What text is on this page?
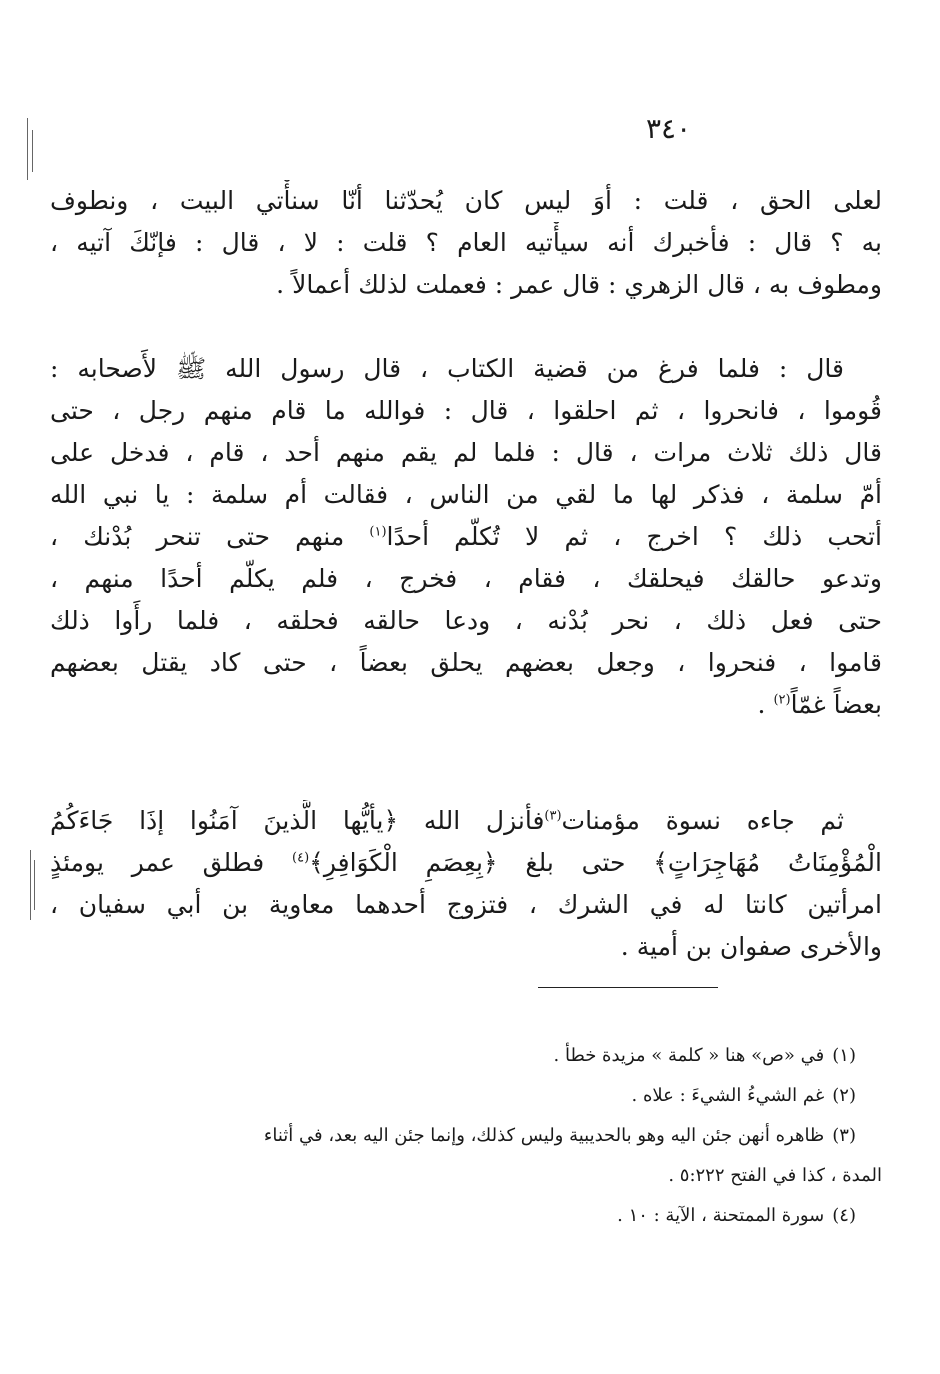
٣٤٠
لعلى الحق ، قلت : أوَ ليس كان يُحدّثنا أنّا سنأْتي البيت ، ونطوف
به ؟ قال : فأخبرك أنه سيأْتيه العام ؟ قلت : لا ، قال : فإنّكَ آتيه ،
ومطوف به ، قال الزهري : قال عمر : فعملت لذلك أعمالاً .
قال : فلما فرغ من قضية الكتاب ، قال رسول الله ﷺ لأَصحابه :
قُوموا ، فانحروا ، ثم احلقوا ، قال : فوالله ما قام منهم رجل ، حتى
قال ذلك ثلاث مرات ، قال : فلما لم يقم منهم أحد ، قام ، فدخل على
أمّ سلمة ، فذكر لها ما لقي من الناس ، فقالت أم سلمة : يا نبي الله
أتحب ذلك ؟ اخرج ، ثم لا تُكلّم أحدًا$^{(١)}$ منهم حتى تنحر بُدْنك ،
وتدعو حالقك فيحلقك ، فقام ، فخرج ، فلم يكلّم أحدًا منهم ،
حتى فعل ذلك ، نحر بُدْنه ، ودعا حالقه فحلقه ، فلما رأَوا ذلك
قاموا ، فنحروا ، وجعل بعضهم يحلق بعضاً ، حتى كاد يقتل بعضهم
بعضاً غمّاً$^{(٢)}$ .
ثم جاءه نسوة مؤمنات$^{(٣)}$فأنزل الله ﴿يأيُّها الَّذينَ آمَنُوا إذَا جَاءَكُمُ
الْمُؤْمِنَاتُ مُهَاجِرَاتٍ﴾ حتى بلغ ﴿بِعِصَمِ الْكَوَافِرِ﴾$^{(٤)}$ فطلق عمر يومئذٍ
امرأتين كانتا له في الشرك ، فتزوج أحدهما معاوية بن أبي سفيان ،
والأخرى صفوان بن أمية .
(١)في «ص» هنا « كلمة » مزيدة خطأ .
(٢)غم الشيءُ الشيءَ : علاه .
(٣)ظاهره أنهن جئن اليه وهو بالحديبية وليس كذلك، وإنما جئن اليه بعد، في أثناء
المدة ، كذا في الفتح ٥:٢٢٢ .
(٤)سورة الممتحنة ، الآية : ١٠ .
